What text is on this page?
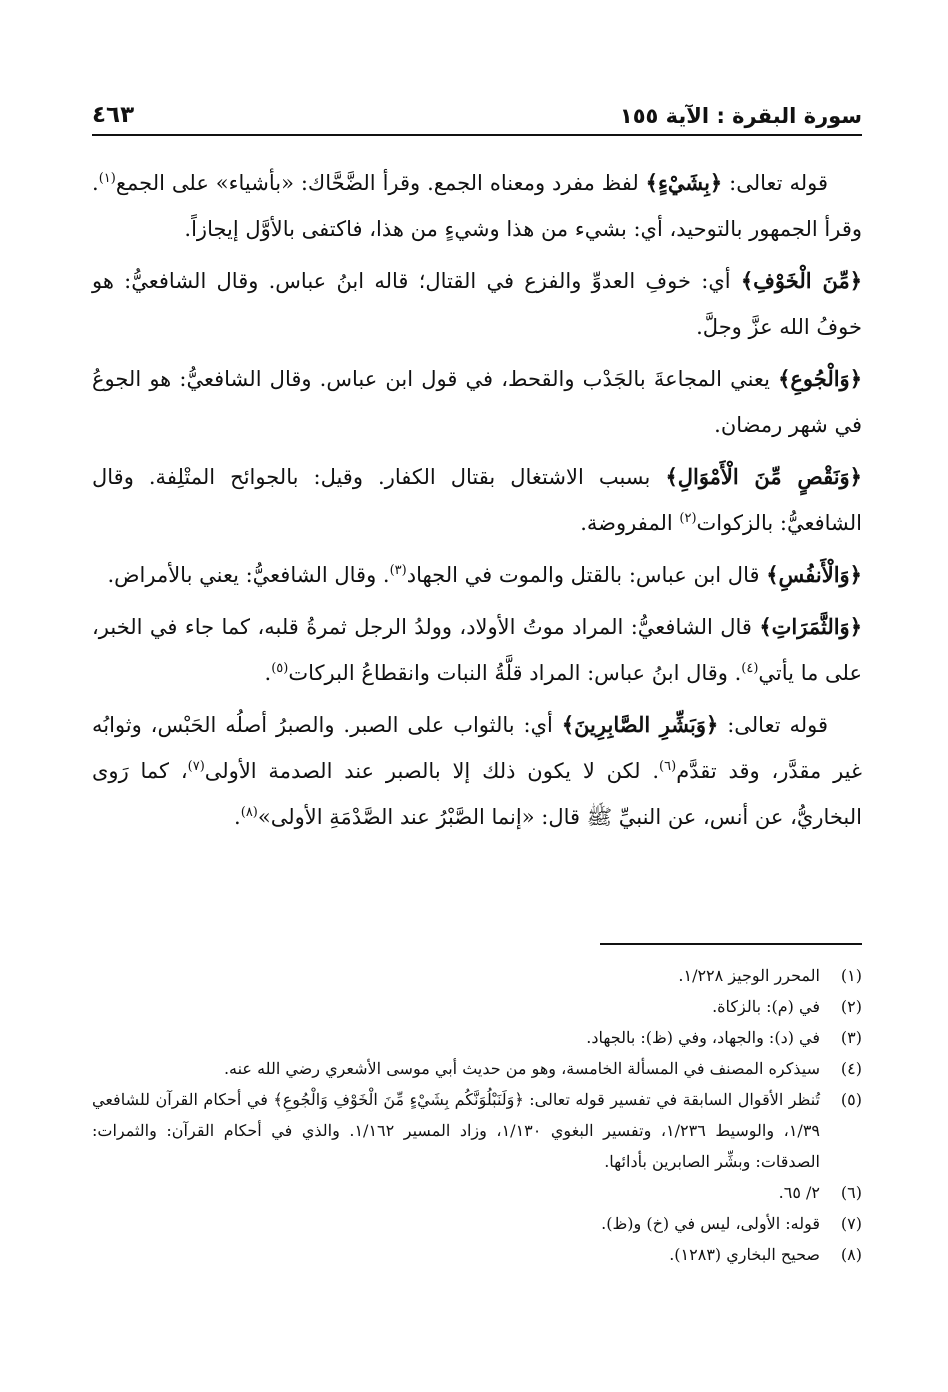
سورة البقرة : الآية ١٥٥
٤٦٣

قوله تعالى: ﴿بِشَيْءٍ﴾ لفظ مفرد ومعناه الجمع. وقرأ الضَّحَّاك: «بأشياء» على الجمع$^{(١)}$. وقرأ الجمهور بالتوحيد، أي: بشيء من هذا وشيءٍ من هذا، فاكتفى بالأوَّل إيجازاً.

﴿مِّنَ الْخَوْفِ﴾ أي: خوفِ العدوِّ والفزع في القتال؛ قاله ابنُ عباس. وقال الشافعيُّ: هو خوفُ الله عزَّ وجلَّ.

﴿وَالْجُوعِ﴾ يعني المجاعةَ بالجَدْب والقحط، في قول ابن عباس. وقال الشافعيُّ: هو الجوعُ في شهر رمضان.

﴿وَنَقْصٍ مِّنَ الْأَمْوَالِ﴾ بسبب الاشتغال بقتال الكفار. وقيل: بالجوائح المتْلِفة. وقال الشافعيُّ: بالزكوات$^{(٢)}$ المفروضة.

﴿وَالْأَنفُسِ﴾ قال ابن عباس: بالقتل والموت في الجهاد$^{(٣)}$. وقال الشافعيُّ: يعني بالأمراض.

﴿وَالثَّمَرَاتِ﴾ قال الشافعيُّ: المراد موتُ الأولاد، وولدُ الرجل ثمرةُ قلبه، كما جاء في الخبر، على ما يأتي$^{(٤)}$. وقال ابنُ عباس: المراد قلَّةُ النبات وانقطاعُ البركات$^{(٥)}$.

قوله تعالى: ﴿وَبَشِّرِ الصَّابِرِينَ﴾ أي: بالثواب على الصبر. والصبرُ أصلُه الحَبْس، وثوابُه غير مقدَّر، وقد تقدَّم$^{(٦)}$. لكن لا يكون ذلك إلا بالصبر عند الصدمة الأولى$^{(٧)}$، كما رَوى البخاريُّ، عن أنس، عن النبيِّ ﷺ قال: «إنما الصَّبْرُ عند الصَّدْمَةِ الأولى»$^{(٨)}$.

(١)
المحرر الوجيز ١/٢٢٨.
(٢)
في (م): بالزكاة.
(٣)
في (د): والجهاد، وفي (ظ): بالجهاد.
(٤)
سيذكره المصنف في المسألة الخامسة، وهو من حديث أبي موسى الأشعري رضي الله عنه.
(٥)
تُنظر الأقوال السابقة في تفسير قوله تعالى: ﴿وَلَنَبْلُوَنَّكُم بِشَيْءٍ مِّنَ الْخَوْفِ وَالْجُوعِ﴾ في أحكام القرآن للشافعي ١/٣٩، والوسيط ١/٢٣٦، وتفسير البغوي ١/١٣٠، وزاد المسير ١/١٦٢. والذي في أحكام القرآن: والثمرات: الصدقات: وبشِّر الصابرين بأدائها.
(٦)
٢/ ٦٥.
(٧)
قوله: الأولى، ليس في (خ) و(ظ).
(٨)
صحيح البخاري (١٢٨٣).
